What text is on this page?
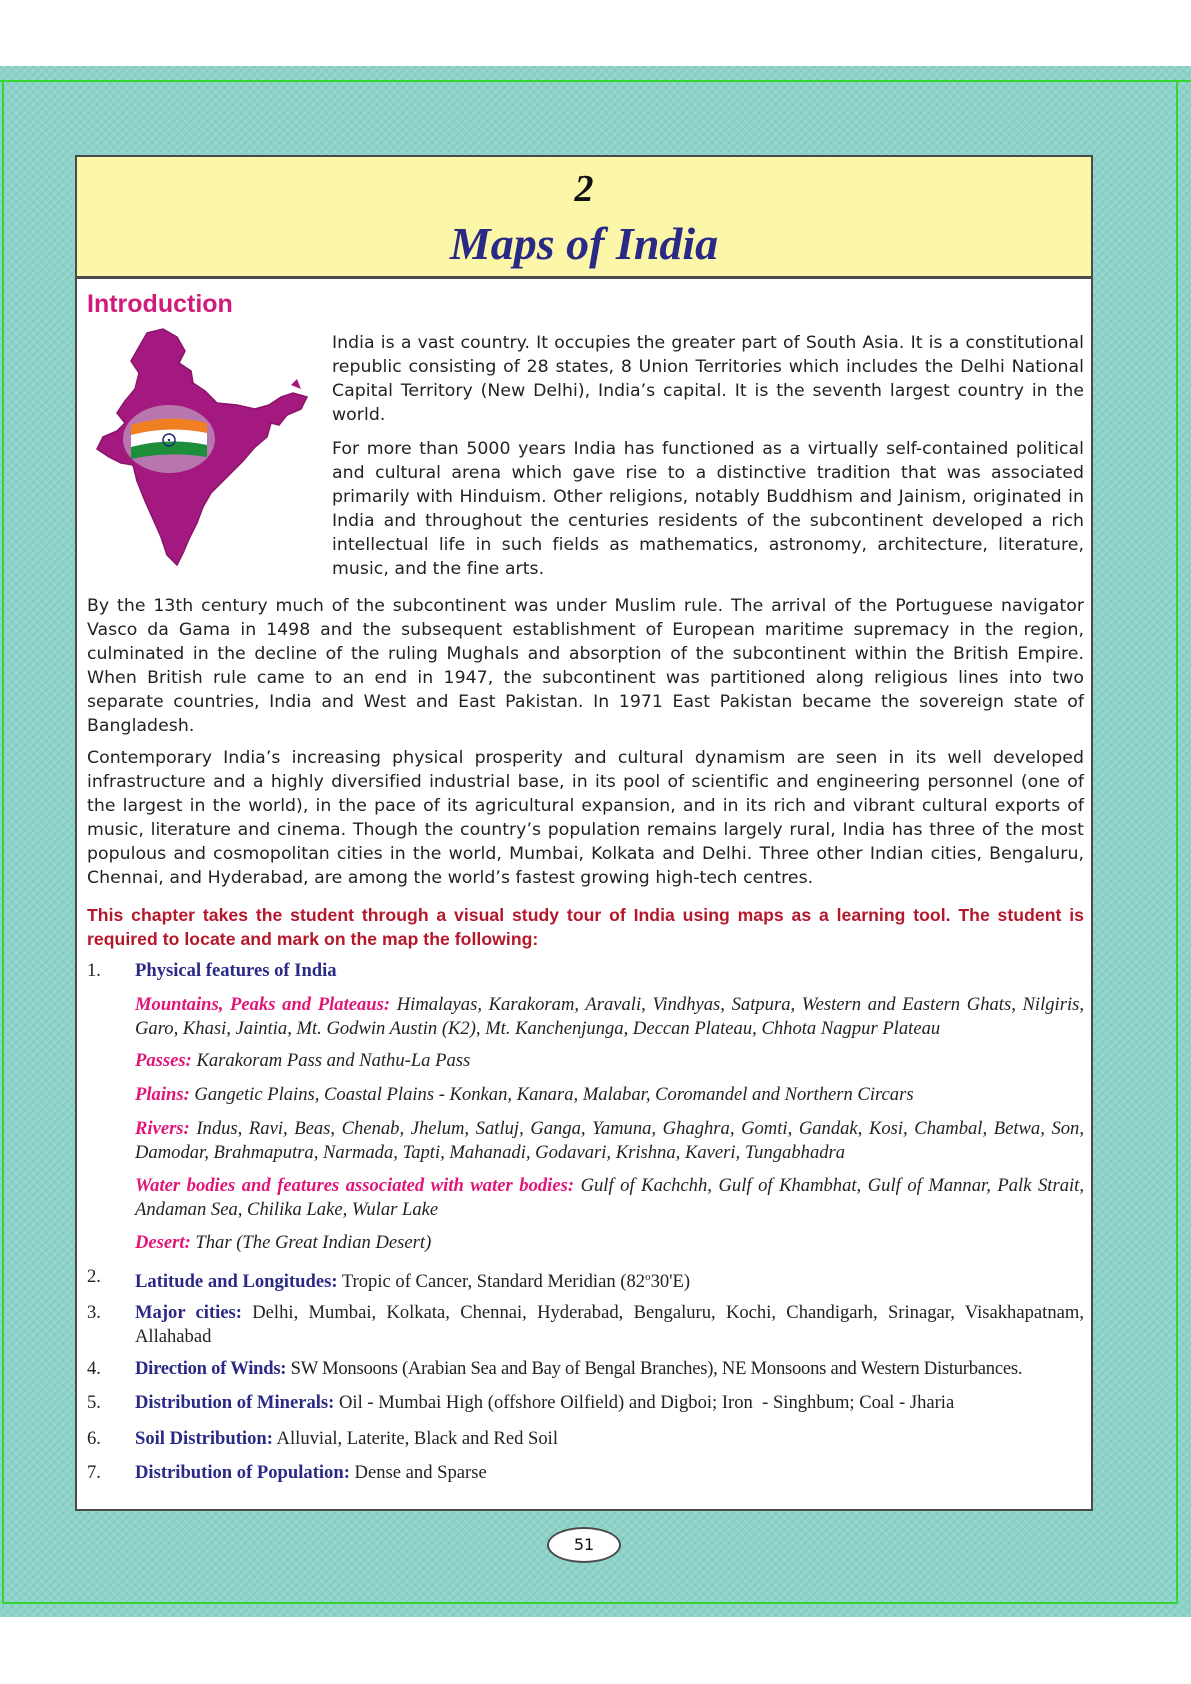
2
Maps of India
Introduction

India is a vast country. It occupies the greater part of South Asia. It is a constitutional republic consisting of 28 states, 8 Union Territories which includes the Delhi National Capital Territory (New Delhi), India’s capital. It is the seventh largest country in the world.

For more than 5000 years India has functioned as a virtually self-contained political and cultural arena which gave rise to a distinctive tradition that was associated primarily with Hinduism. Other religions, notably Buddhism and Jainism, originated in India and throughout the centuries residents of the subcontinent developed a rich intellectual life in such fields as mathematics, astronomy, architecture, literature, music, and the fine arts.

By the 13th century much of the subcontinent was under Muslim rule. The arrival of the Portuguese navigator Vasco da Gama in 1498 and the subsequent establishment of European maritime supremacy in the region, culminated in the decline of the ruling Mughals and absorption of the subcontinent within the British Empire. When British rule came to an end in 1947, the subcontinent was partitioned along religious lines into two separate countries, India and West and East Pakistan. In 1971 East Pakistan became the sovereign state of Bangladesh.

Contemporary India’s increasing physical prosperity and cultural dynamism are seen in its well developed infrastructure and a highly diversified industrial base, in its pool of scientific and engineering personnel (one of the largest in the world), in the pace of its agricultural expansion, and in its rich and vibrant cultural exports of music, literature and cinema. Though the country’s population remains largely rural, India has three of the most populous and cosmopolitan cities in the world, Mumbai, Kolkata and Delhi. Three other Indian cities, Bengaluru, Chennai, and Hyderabad, are among the world’s fastest growing high-tech centres.

This chapter takes the student through a visual study tour of India using maps as a learning tool. The student is required to locate and mark on the map the following:

1. Physical features of India
Mountains, Peaks and Plateaus: Himalayas, Karakoram, Aravali, Vindhyas, Satpura, Western and Eastern Ghats, Nilgiris, Garo, Khasi, Jaintia, Mt. Godwin Austin (K2), Mt. Kanchenjunga, Deccan Plateau, Chhota Nagpur Plateau
Passes: Karakoram Pass and Nathu-La Pass
Plains: Gangetic Plains, Coastal Plains - Konkan, Kanara, Malabar, Coromandel and Northern Circars
Rivers: Indus, Ravi, Beas, Chenab, Jhelum, Satluj, Ganga, Yamuna, Ghaghra, Gomti, Gandak, Kosi, Chambal, Betwa, Son, Damodar, Brahmaputra, Narmada, Tapti, Mahanadi, Godavari, Krishna, Kaveri, Tungabhadra
Water bodies and features associated with water bodies: Gulf of Kachchh, Gulf of Khambhat, Gulf of Mannar, Palk Strait, Andaman Sea, Chilika Lake, Wular Lake
Desert: Thar (The Great Indian Desert)
2. Latitude and Longitudes: Tropic of Cancer, Standard Meridian (82$^o$30'E)
3. Major cities: Delhi, Mumbai, Kolkata, Chennai, Hyderabad, Bengaluru, Kochi, Chandigarh, Srinagar, Visakhapatnam, Allahabad
4. Direction of Winds: SW Monsoons (Arabian Sea and Bay of Bengal Branches), NE Monsoons and Western Disturbances.
5. Distribution of Minerals: Oil - Mumbai High (offshore Oilfield) and Digboi; Iron  - Singhbum; Coal - Jharia
6. Soil Distribution: Alluvial, Laterite, Black and Red Soil
7. Distribution of Population: Dense and Sparse
51
